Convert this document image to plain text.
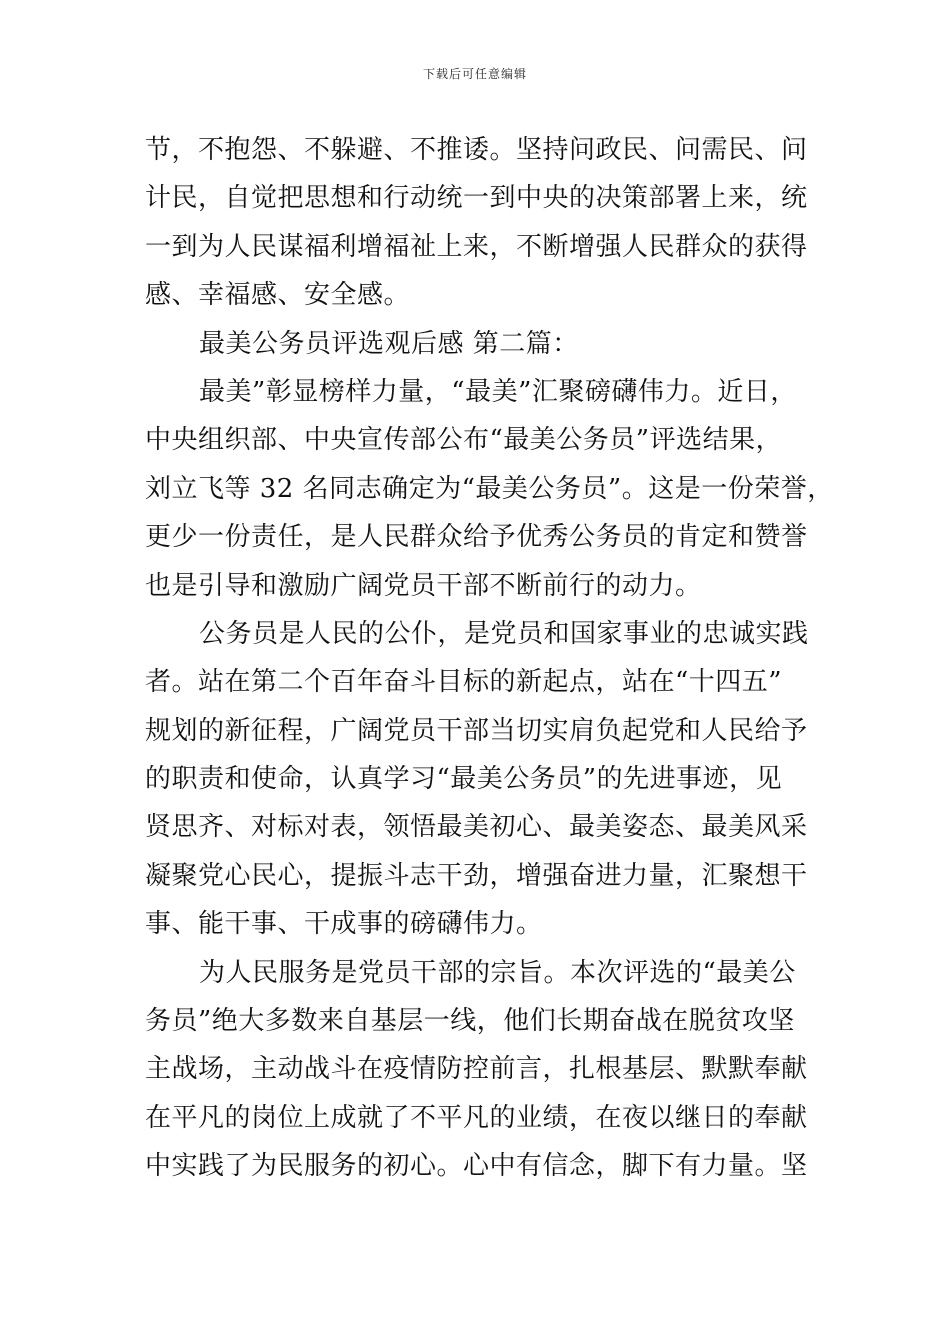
下载后可任意编辑
节，不抱怨、不躲避、不推诿。坚持问政民、问需民、问
计民，自觉把思想和行动统一到中央的决策部署上来，统
一到为人民谋福利增福祉上来，不断增强人民群众的获得
感、幸福感、安全感。
最美公务员评选观后感 第二篇：
最美”彰显榜样力量，“最美”汇聚磅礴伟力。近日，
中央组织部、中央宣传部公布“最美公务员”评选结果，
刘立飞等 32 名同志确定为“最美公务员”。这是一份荣誉，
更少一份责任，是人民群众给予优秀公务员的肯定和赞誉
也是引导和激励广阔党员干部不断前行的动力。
公务员是人民的公仆，是党员和国家事业的忠诚实践
者。站在第二个百年奋斗目标的新起点，站在“十四五”
规划的新征程，广阔党员干部当切实肩负起党和人民给予
的职责和使命，认真学习“最美公务员”的先进事迹，见
贤思齐、对标对表，领悟最美初心、最美姿态、最美风采
凝聚党心民心，提振斗志干劲，增强奋进力量，汇聚想干
事、能干事、干成事的磅礴伟力。
为人民服务是党员干部的宗旨。本次评选的“最美公
务员”绝大多数来自基层一线，他们长期奋战在脱贫攻坚
主战场，主动战斗在疫情防控前言，扎根基层、默默奉献
在平凡的岗位上成就了不平凡的业绩，在夜以继日的奉献
中实践了为民服务的初心。心中有信念，脚下有力量。坚
